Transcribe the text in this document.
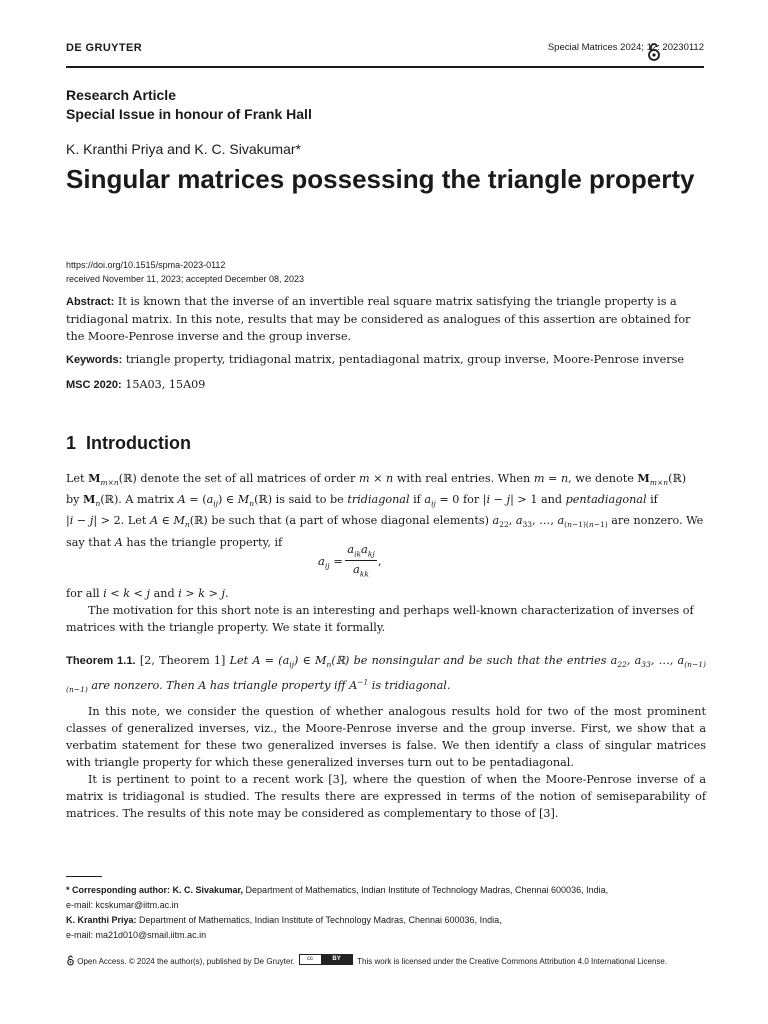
DE GRUYTER	Special Matrices 2024; 12: 20230112
Research Article
Special Issue in honour of Frank Hall
K. Kranthi Priya and K. C. Sivakumar*
Singular matrices possessing the triangle property
https://doi.org/10.1515/spma-2023-0112
received November 11, 2023; accepted December 08, 2023
Abstract: It is known that the inverse of an invertible real square matrix satisfying the triangle property is a tridiagonal matrix. In this note, results that may be considered as analogues of this assertion are obtained for the Moore-Penrose inverse and the group inverse.
Keywords: triangle property, tridiagonal matrix, pentadiagonal matrix, group inverse, Moore-Penrose inverse
MSC 2020: 15A03, 15A09
1 Introduction
Let $M_{m\times n}(ℝ)$ denote the set of all matrices of order m × n with real entries. When m = n, we denote $M_{m\times n}(ℝ)$
by $M_n(ℝ)$. A matrix $A = (a_{ij})$ ∈ $M_n(ℝ)$ is said to be tridiagonal if $a_{ij} = 0$ for |i − j| > 1 and pentadiagonal if
|i − j| > 2. Let A ∈ $M_n(ℝ)$ be such that (a part of whose diagonal elements) $a_{22}$, $a_{33}$, …, $a_{(n-1)(n-1)}$ are nonzero. We
say that A has the triangle property, if
$a_{ij}$ =
$a_{ik}a_{kj}$
$a_{kk}$
,
for all i < k < j and i > k > j.
The motivation for this short note is an interesting and perhaps well-known characterization of inverses of matrices with the triangle property. We state it formally.
Theorem 1.1. [2, Theorem 1] Let $A = (a_{ij})$ ∈ $M_n(ℝ)$ be nonsingular and be such that the entries $a_{22}$, $a_{33}$, …, $a_{(n-1)(n-1)}$ are nonzero. Then A has triangle property iff $A^{-1}$ is tridiagonal.
In this note, we consider the question of whether analogous results hold for two of the most prominent classes of generalized inverses, viz., the Moore-Penrose inverse and the group inverse. First, we show that a verbatim statement for these two generalized inverses is false. We then identify a class of singular matrices with triangle property for which these generalized inverses turn out to be pentadiagonal.
It is pertinent to point to a recent work [3], where the question of when the Moore-Penrose inverse of a matrix is tridiagonal is studied. The results there are expressed in terms of the notion of semiseparability of matrices. The results of this note may be considered as complementary to those of [3].
* Corresponding author: K. C. Sivakumar, Department of Mathematics, Indian Institute of Technology Madras, Chennai 600036, India,
e-mail: kcskumar@iitm.ac.in
K. Kranthi Priya: Department of Mathematics, Indian Institute of Technology Madras, Chennai 600036, India,
e-mail: ma21d010@smail.iitm.ac.in
Open Access. © 2024 the author(s), published by De Gruyter.	cc	BY	This work is licensed under the Creative Commons Attribution 4.0 International License.
